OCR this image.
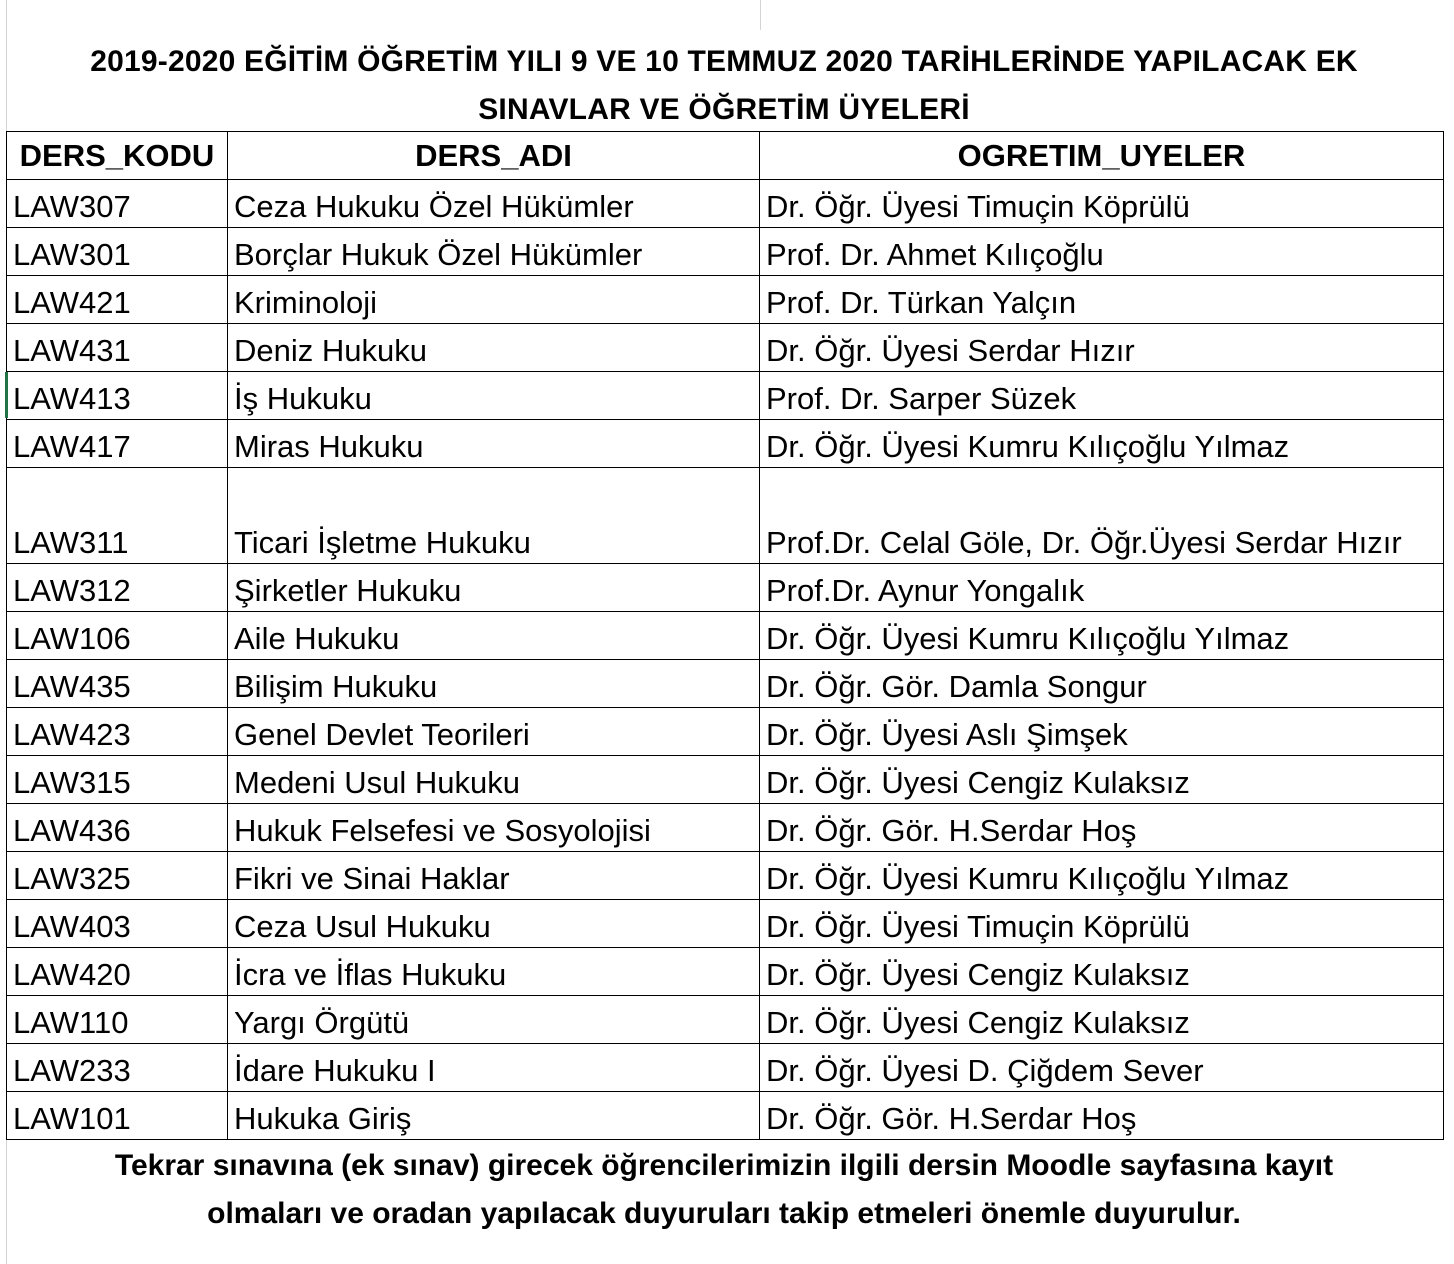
2019-2020 EĞİTİM ÖĞRETİM YILI 9 VE 10 TEMMUZ 2020 TARİHLERİNDE YAPILACAK EK
SINAVLAR VE ÖĞRETİM ÜYELERİ
DERS_KODU	DERS_ADI	OGRETIM_UYELER
LAW307	Ceza Hukuku Özel Hükümler	Dr. Öğr. Üyesi Timuçin Köprülü
LAW301	Borçlar Hukuk Özel Hükümler	Prof. Dr. Ahmet Kılıçoğlu
LAW421	Kriminoloji	Prof. Dr. Türkan Yalçın
LAW431	Deniz Hukuku	Dr. Öğr. Üyesi Serdar Hızır
LAW413	İş Hukuku	Prof. Dr. Sarper Süzek
LAW417	Miras Hukuku	Dr. Öğr. Üyesi Kumru Kılıçoğlu Yılmaz
LAW311	Ticari İşletme Hukuku	Prof.Dr. Celal Göle, Dr. Öğr.Üyesi Serdar Hızır
LAW312	Şirketler Hukuku	Prof.Dr. Aynur Yongalık
LAW106	Aile Hukuku	Dr. Öğr. Üyesi Kumru Kılıçoğlu Yılmaz
LAW435	Bilişim Hukuku	Dr. Öğr. Gör. Damla Songur
LAW423	Genel Devlet Teorileri	Dr. Öğr. Üyesi Aslı Şimşek
LAW315	Medeni Usul Hukuku	Dr. Öğr. Üyesi Cengiz Kulaksız
LAW436	Hukuk Felsefesi ve Sosyolojisi	Dr. Öğr. Gör. H.Serdar Hoş
LAW325	Fikri ve Sinai Haklar	Dr. Öğr. Üyesi Kumru Kılıçoğlu Yılmaz
LAW403	Ceza Usul Hukuku	Dr. Öğr. Üyesi Timuçin Köprülü
LAW420	İcra ve İflas Hukuku	Dr. Öğr. Üyesi Cengiz Kulaksız
LAW110	Yargı Örgütü	Dr. Öğr. Üyesi Cengiz Kulaksız
LAW233	İdare Hukuku I	Dr. Öğr. Üyesi D. Çiğdem Sever
LAW101	Hukuka Giriş	Dr. Öğr. Gör. H.Serdar Hoş
Tekrar sınavına (ek sınav) girecek öğrencilerimizin ilgili dersin Moodle sayfasına kayıt
olmaları ve oradan yapılacak duyuruları takip etmeleri önemle duyurulur.
